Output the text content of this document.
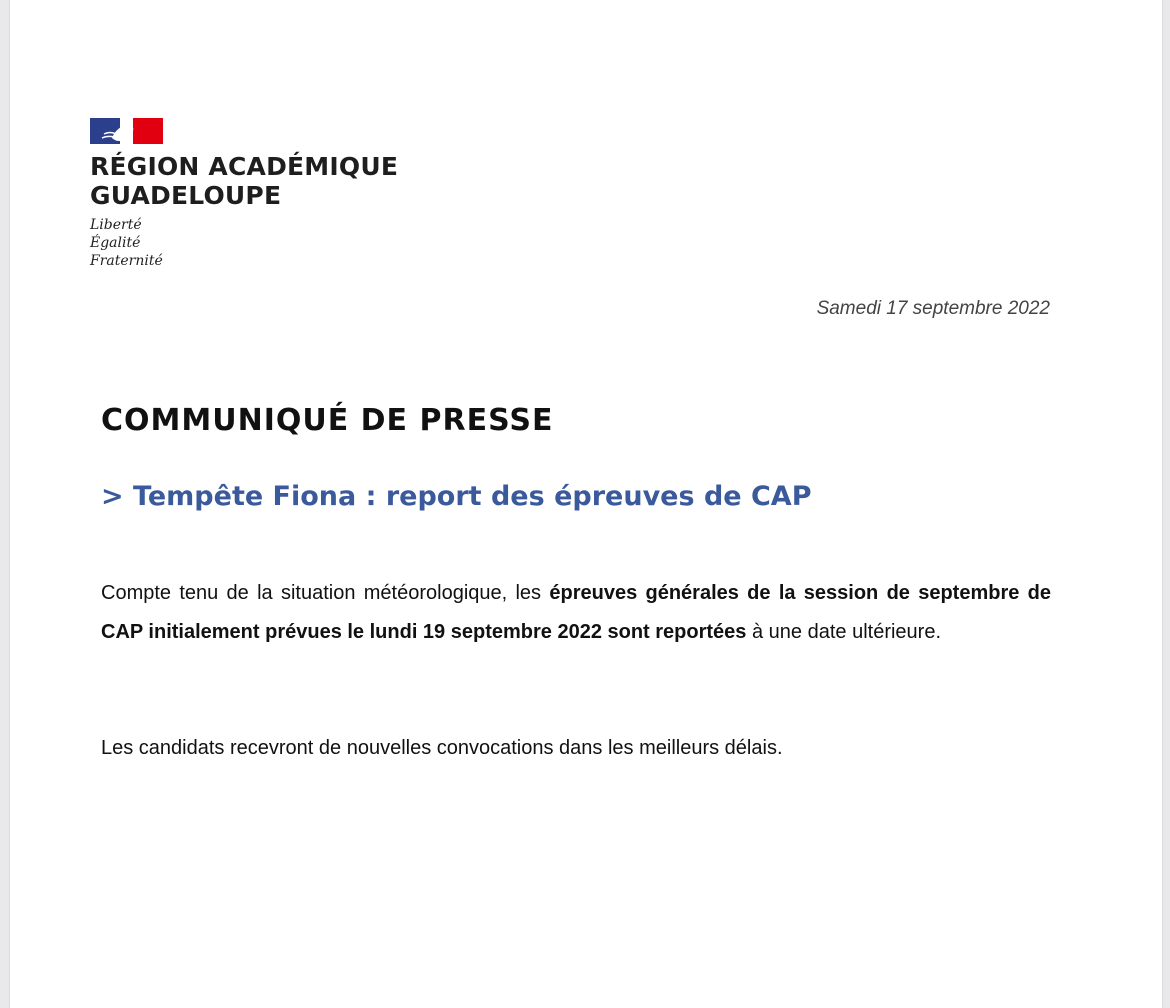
RÉGION ACADÉMIQUE
GUADELOUPE
Liberté
Égalité
Fraternité
Samedi 17 septembre 2022
COMMUNIQUÉ DE PRESSE
> Tempête Fiona : report des épreuves de CAP

Compte tenu de la situation météorologique, les épreuves générales de la session de septembre de CAP initialement prévues le lundi 19 septembre 2022 sont reportées à une date ultérieure.

Les candidats recevront de nouvelles convocations dans les meilleurs délais.
